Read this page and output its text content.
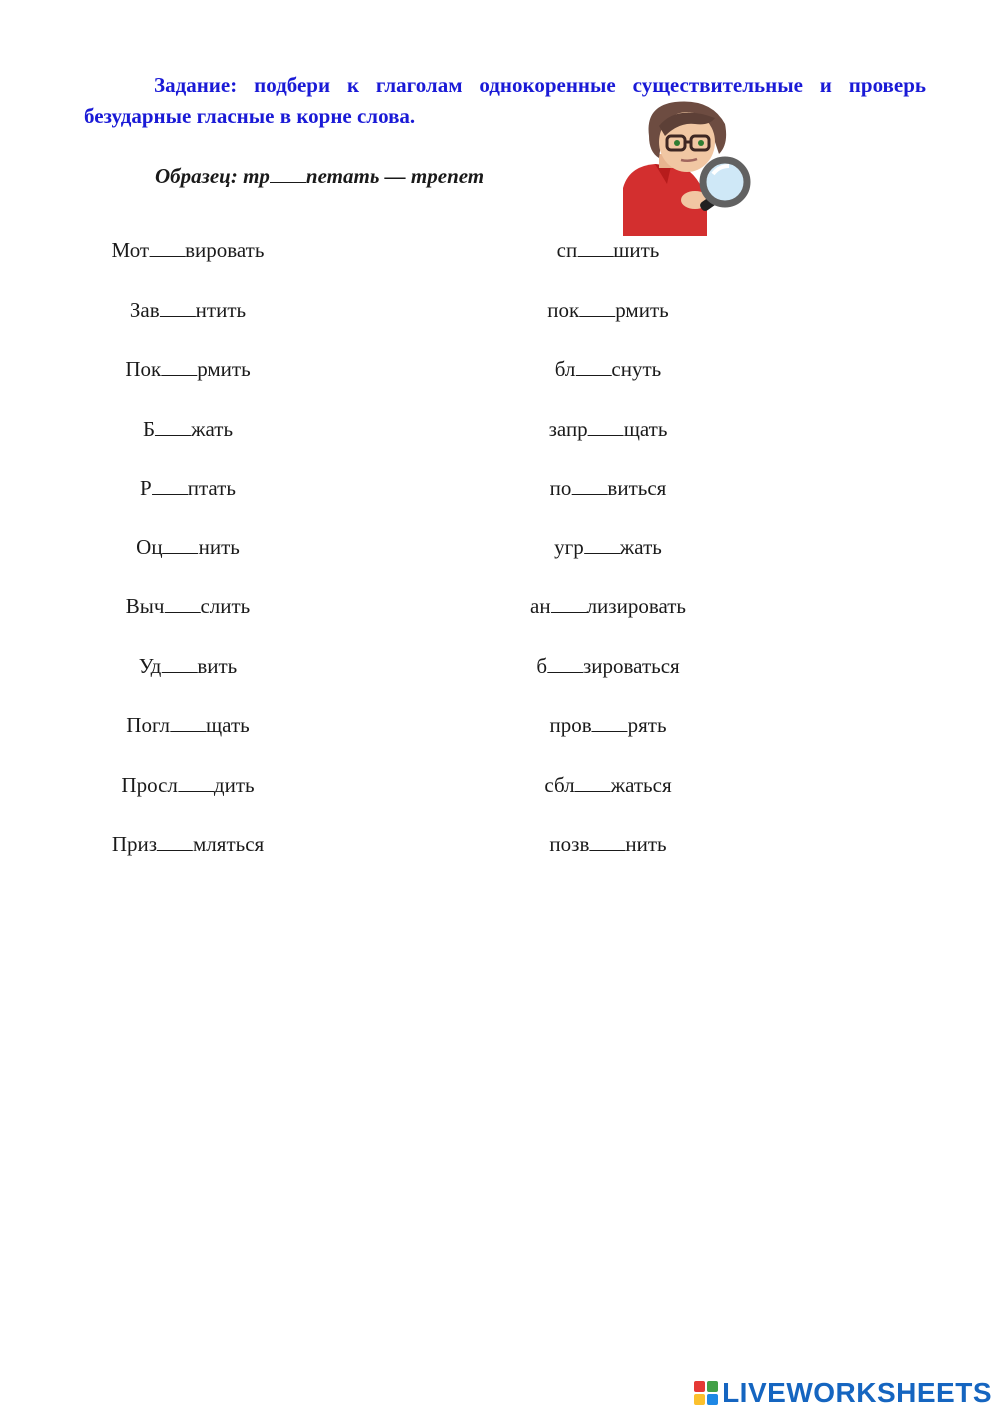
Задание: подбери к глаголам однокоренные существительные и проверь безударные гласные в корне слова.
Образец: тр петать — трепет
Мот вировать
Зав нтить
Пок рмить
Б жать
Р птать
Оц нить
Выч слить
Уд вить
Погл щать
Просл дить
Приз мляться
сп шить
пок рмить
бл снуть
запр щать
по виться
угр жать
ан лизировать
б зироваться
пров рять
сбл жаться
позв нить
LIVEWORKSHEETS
